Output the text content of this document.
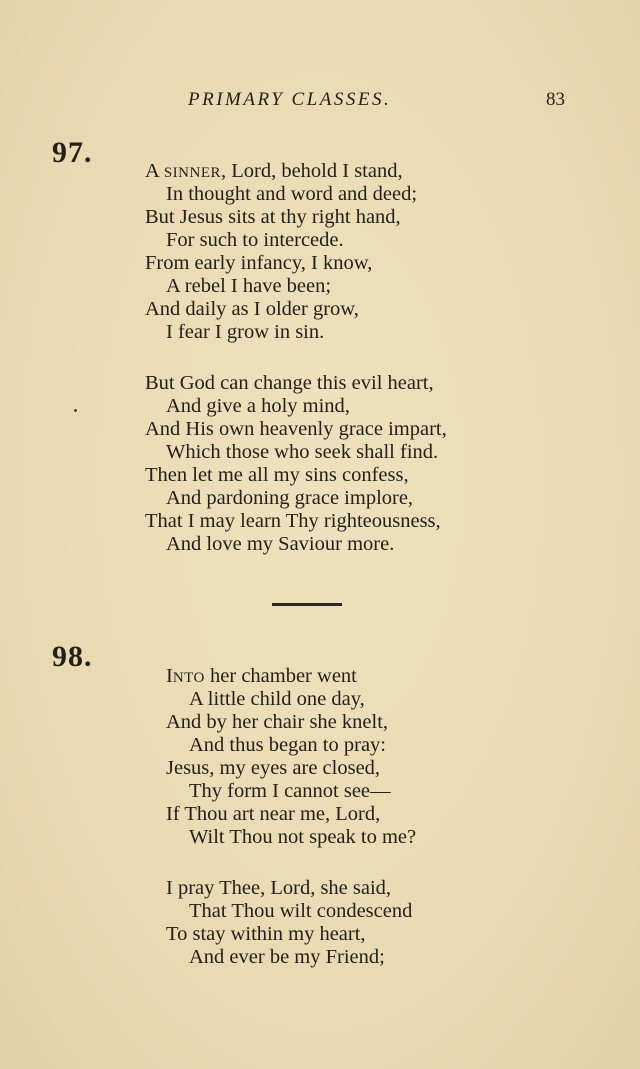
PRIMARY CLASSES.	83
97.
A SINNER, Lord, behold I stand,
In thought and word and deed;
But Jesus sits at thy right hand,
For such to intercede.
From early infancy, I know,
A rebel I have been;
And daily as I older grow,
I fear I grow in sin.
But God can change this evil heart,
And give a holy mind,
And His own heavenly grace impart,
Which those who seek shall find.
Then let me all my sins confess,
And pardoning grace implore,
That I may learn Thy righteousness,
And love my Saviour more.
98.
INTO her chamber went
A little child one day,
And by her chair she knelt,
And thus began to pray:
Jesus, my eyes are closed,
Thy form I cannot see—
If Thou art near me, Lord,
Wilt Thou not speak to me?
I pray Thee, Lord, she said,
That Thou wilt condescend
To stay within my heart,
And ever be my Friend;
